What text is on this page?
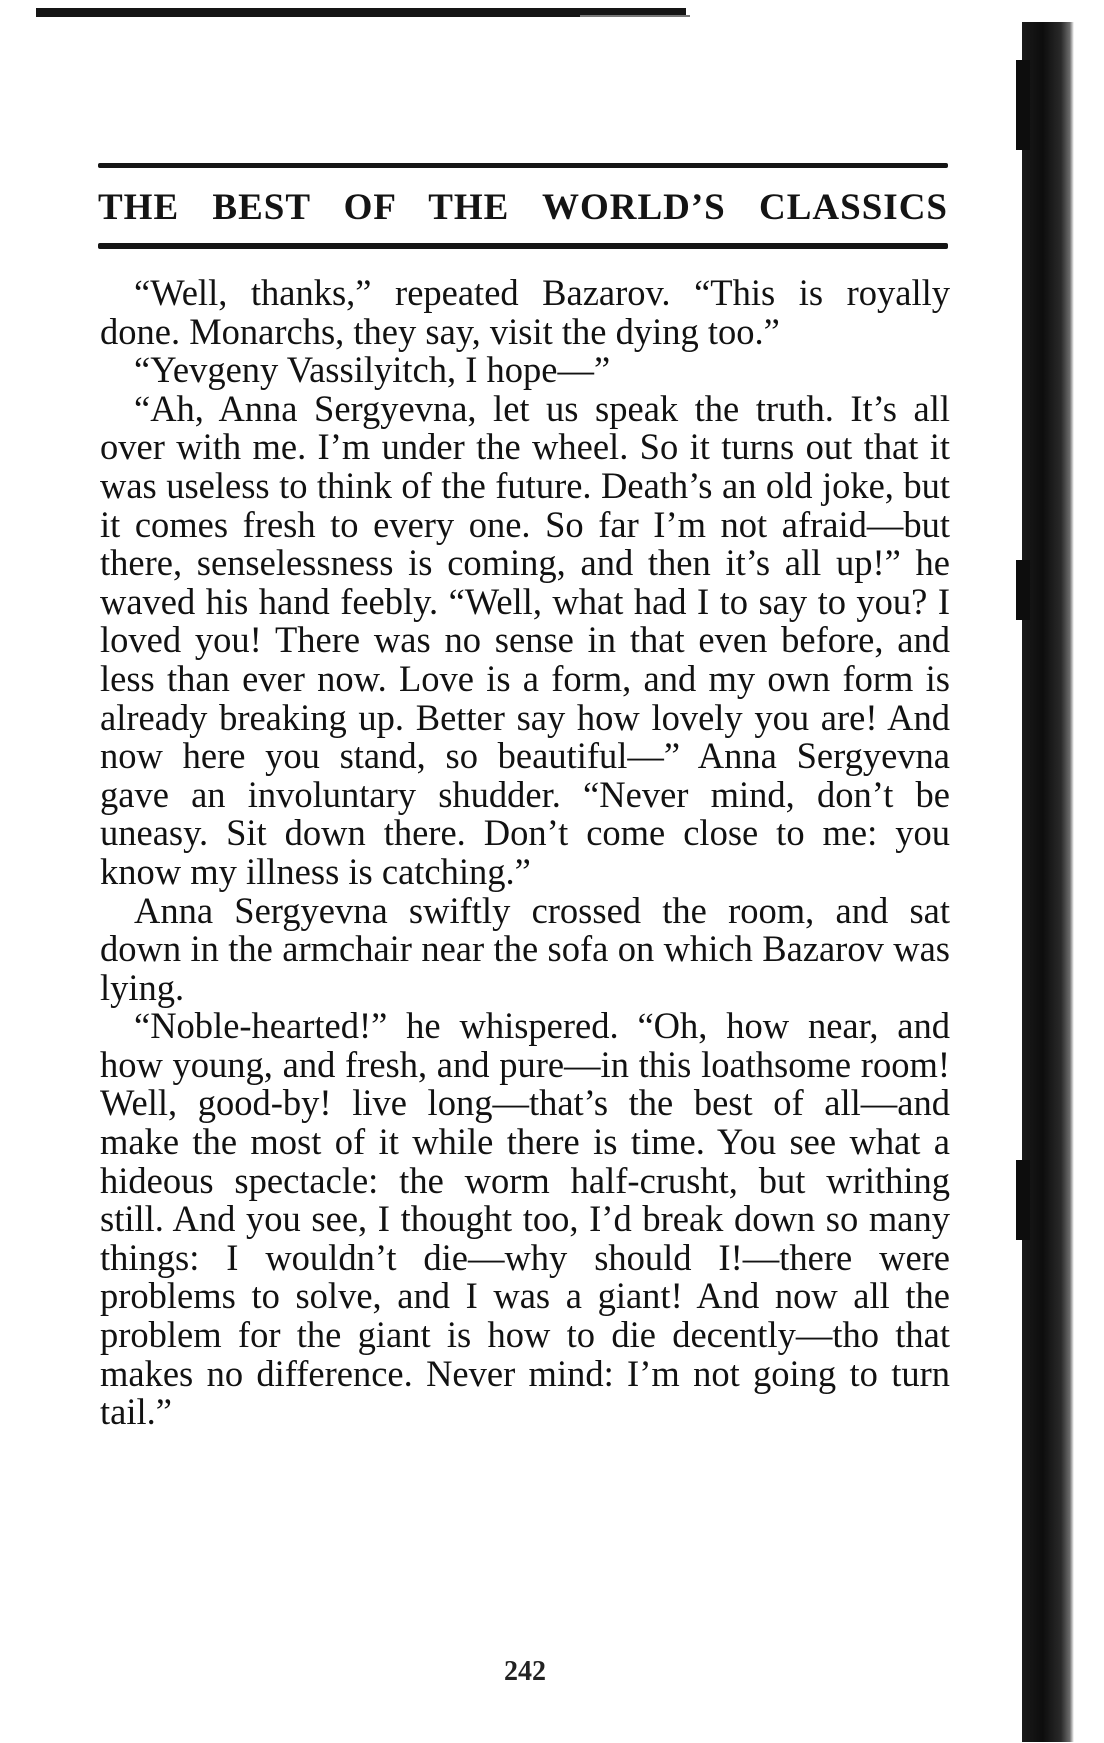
THE BEST OF THE WORLD’S CLASSICS

“Well, thanks,” repeated Bazarov. “This is royally done. Monarchs, they say, visit the dying too.”

“Yevgeny Vassilyitch, I hope—”

“Ah, Anna Sergyevna, let us speak the truth. It’s all over with me. I’m under the wheel. So it turns out that it was useless to think of the future. Death’s an old joke, but it comes fresh to every one. So far I’m not afraid—but there, senselessness is coming, and then it’s all up!” he waved his hand feebly. “Well, what had I to say to you? I loved you! There was no sense in that even before, and less than ever now. Love is a form, and my own form is already breaking up. Better say how lovely you are! And now here you stand, so beautiful—” Anna Sergyevna gave an involuntary shudder. “Never mind, don’t be uneasy. Sit down there. Don’t come close to me: you know my illness is catching.”

Anna Sergyevna swiftly crossed the room, and sat down in the armchair near the sofa on which Bazarov was lying.

“Noble-hearted!” he whispered. “Oh, how near, and how young, and fresh, and pure—in this loathsome room! Well, good-by! live long—that’s the best of all—and make the most of it while there is time. You see what a hideous spectacle: the worm half-crusht, but writhing still. And you see, I thought too, I’d break down so many things: I wouldn’t die—why should I!—there were problems to solve, and I was a giant! And now all the problem for the giant is how to die decently—tho that makes no difference. Never mind: I’m not going to turn tail.”

242
